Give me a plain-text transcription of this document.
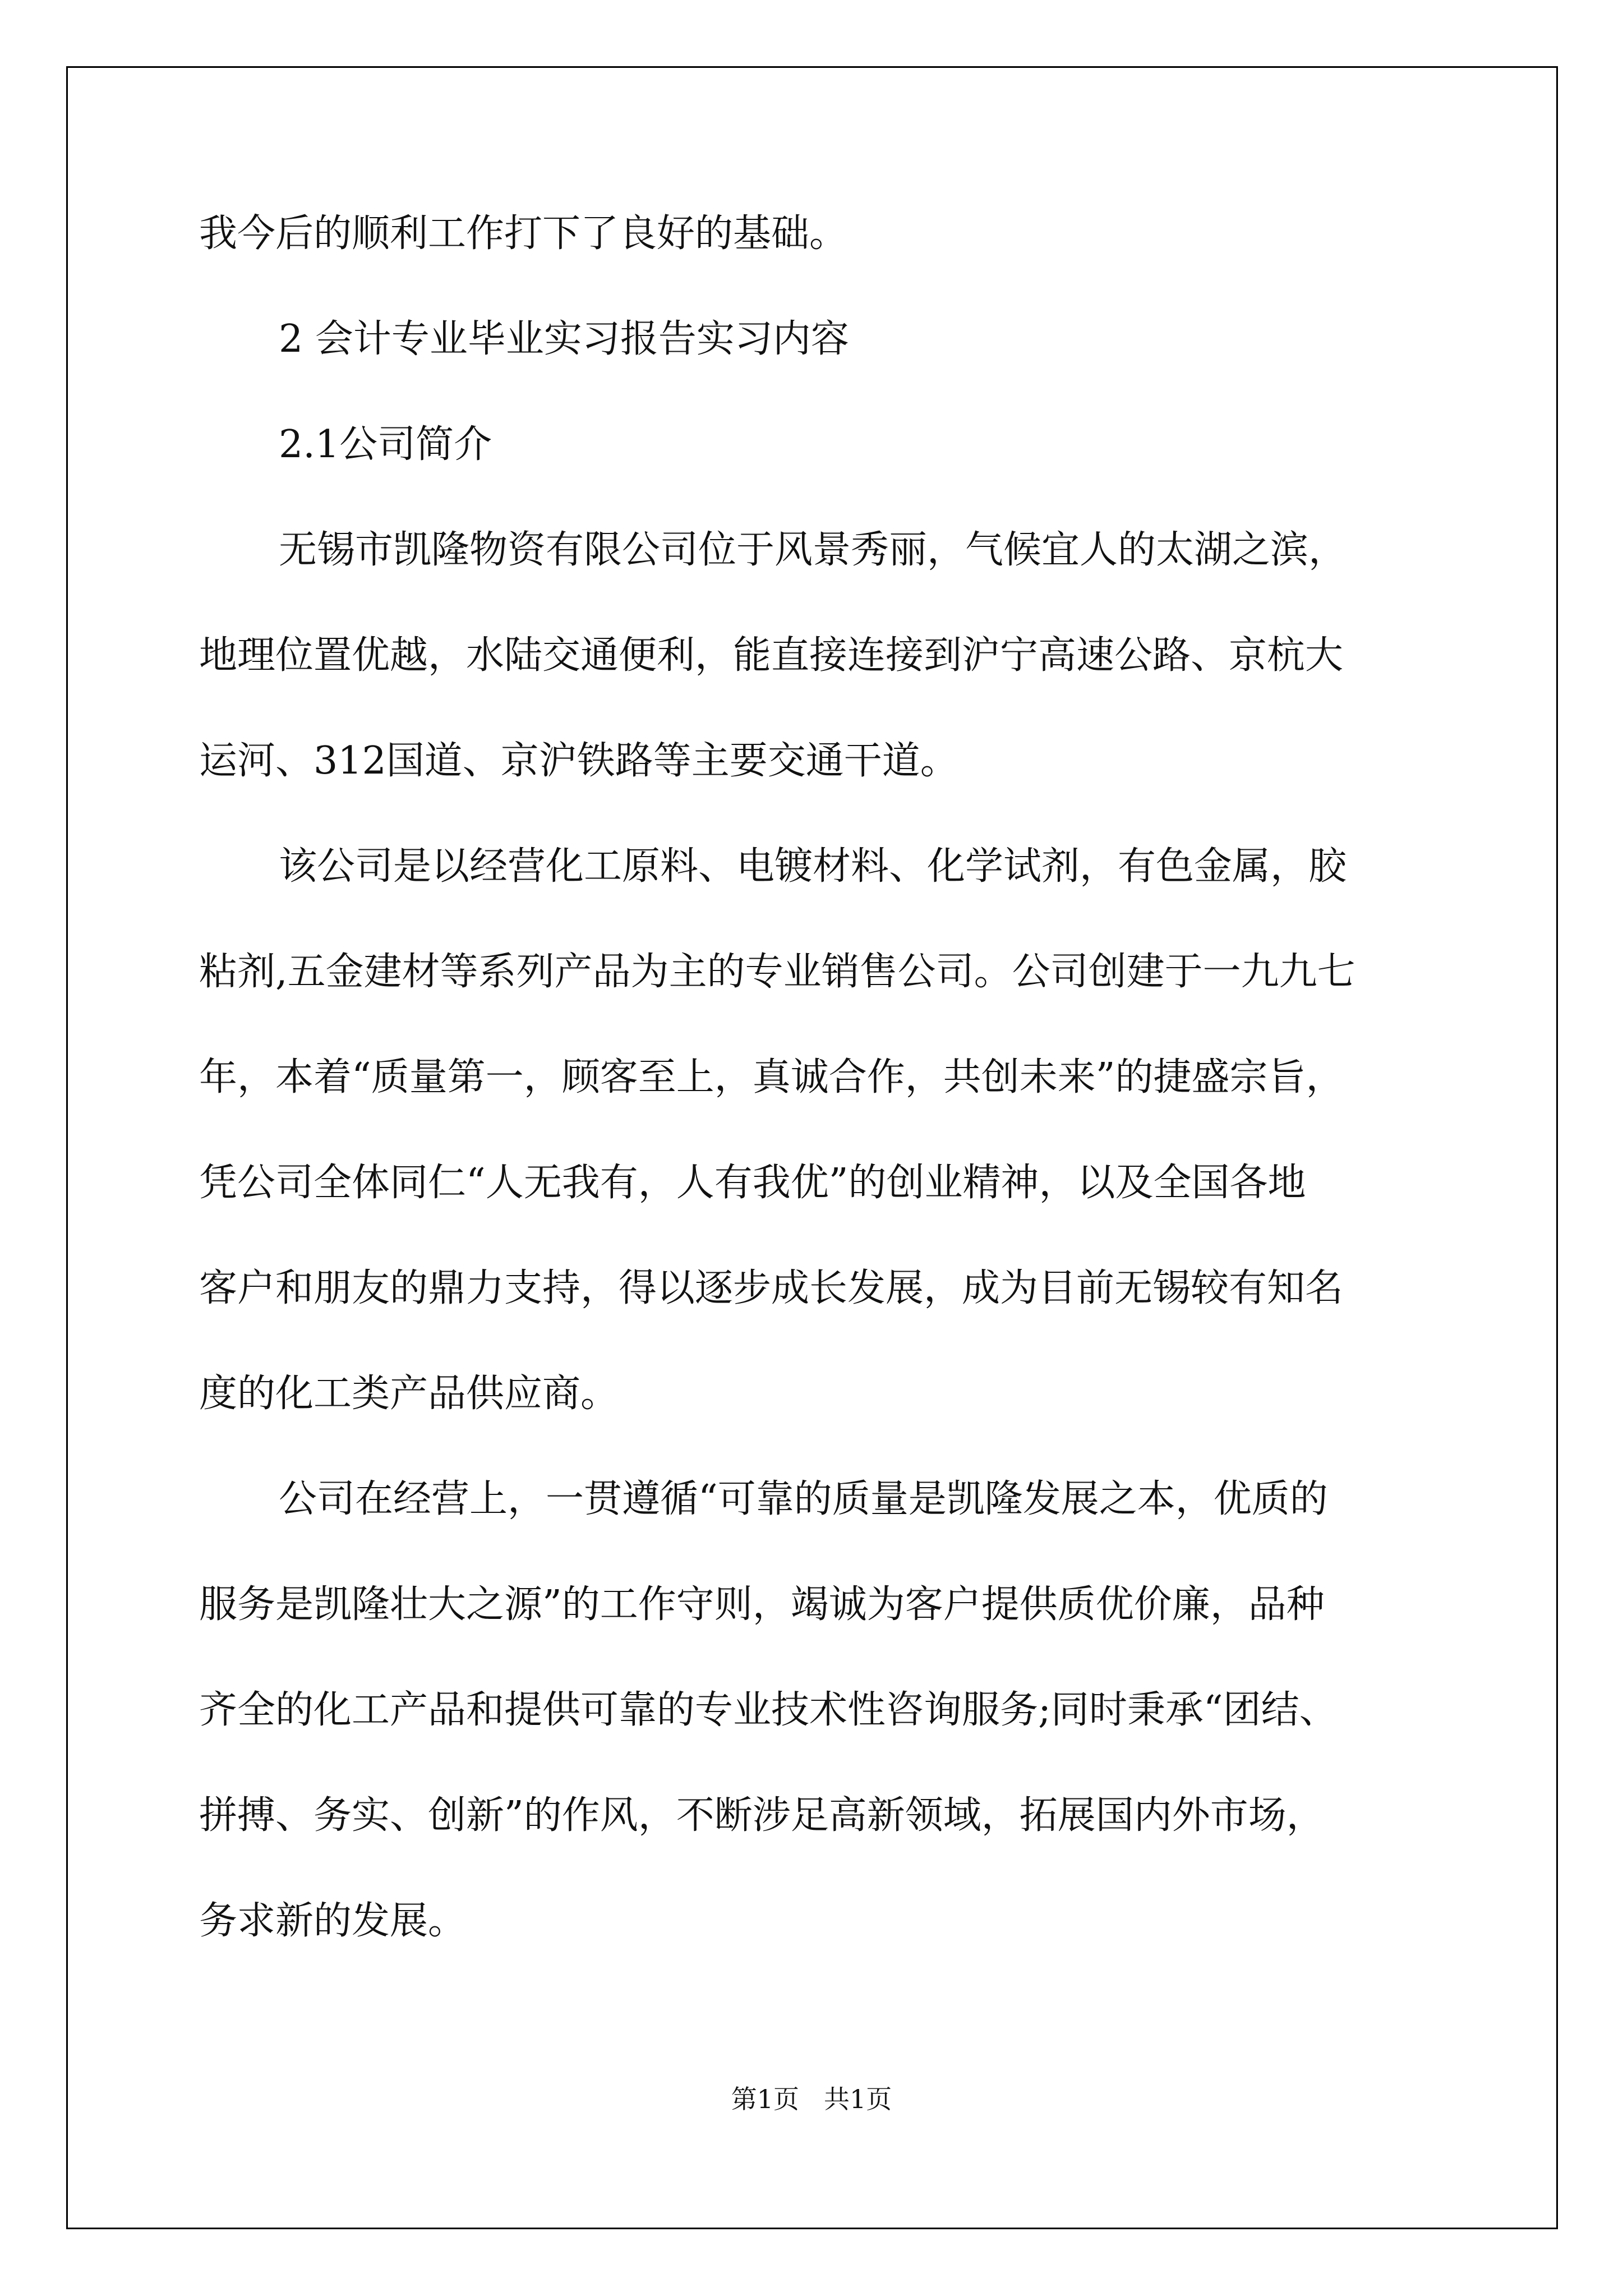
我今后的顺利工作打下了良好的基础。
2 会计专业毕业实习报告实习内容
2.1公司简介
无锡市凯隆物资有限公司位于风景秀丽，气候宜人的太湖之滨，
地理位置优越，水陆交通便利，能直接连接到沪宁高速公路、京杭大
运河、312国道、京沪铁路等主要交通干道。
该公司是以经营化工原料、电镀材料、化学试剂，有色金属，胶
粘剂,五金建材等系列产品为主的专业销售公司。公司创建于一九九七
年，本着“质量第一，顾客至上，真诚合作，共创未来”的捷盛宗旨，
凭公司全体同仁“人无我有，人有我优”的创业精神，以及全国各地
客户和朋友的鼎力支持，得以逐步成长发展，成为目前无锡较有知名
度的化工类产品供应商。
公司在经营上，一贯遵循“可靠的质量是凯隆发展之本，优质的
服务是凯隆壮大之源”的工作守则，竭诚为客户提供质优价廉，品种
齐全的化工产品和提供可靠的专业技术性咨询服务;同时秉承“团结、
拼搏、务实、创新”的作风，不断涉足高新领域，拓展国内外市场，
务求新的发展。
第1页 共1页
